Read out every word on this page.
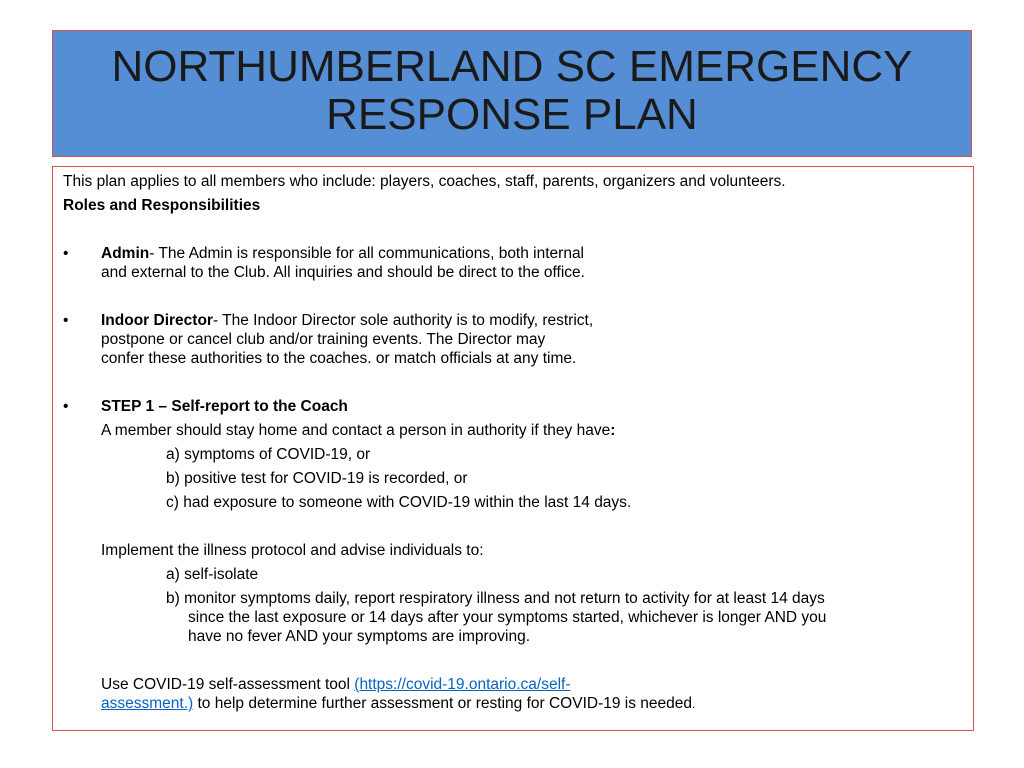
NORTHUMBERLAND SC EMERGENCY
RESPONSE PLAN
This plan applies to all members who include: players, coaches, staff, parents, organizers and volunteers.
Roles and Responsibilities
• Admin- The Admin is responsible for all communications, both internal
and external to the Club. All inquiries and should be direct to the office.
• Indoor Director- The Indoor Director sole authority is to modify, restrict,
postpone or cancel club and/or training events. The Director may
confer these authorities to the coaches. or match officials at any time.
• STEP 1 – Self-report to the Coach
A member should stay home and contact a person in authority if they have:
a) symptoms of COVID-19, or
b) positive test for COVID-19 is recorded, or
c) had exposure to someone with COVID-19 within the last 14 days.
Implement the illness protocol and advise individuals to:
a) self-isolate
b) monitor symptoms daily, report respiratory illness and not return to activity for at least 14 days
since the last exposure or 14 days after your symptoms started, whichever is longer AND you
have no fever AND your symptoms are improving.
Use COVID-19 self-assessment tool (https://covid-19.ontario.ca/self-
assessment.) to help determine further assessment or resting for COVID-19 is needed.
